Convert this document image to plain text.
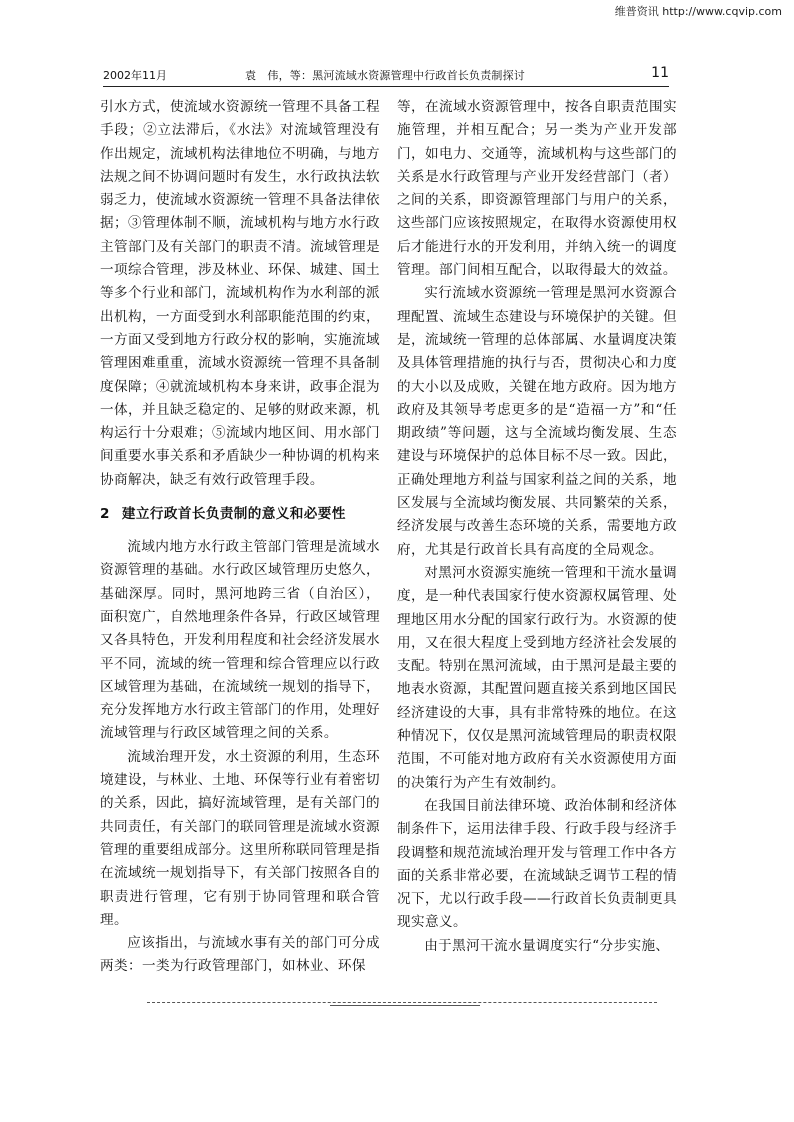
维普资讯 http://www.cqvip.com
2002年11月	袁　伟，等：黑河流域水资源管理中行政首长负责制探讨	11

引水方式，使流域水资源统一管理不具备工程手段；②立法滞后，《水法》对流域管理没有作出规定，流域机构法律地位不明确，与地方法规之间不协调问题时有发生，水行政执法软弱乏力，使流域水资源统一管理不具备法律依据；③管理体制不顺，流域机构与地方水行政主管部门及有关部门的职责不清。流域管理是一项综合管理，涉及林业、环保、城建、国土等多个行业和部门，流域机构作为水利部的派出机构，一方面受到水利部职能范围的约束，一方面又受到地方行政分权的影响，实施流域管理困难重重，流域水资源统一管理不具备制度保障；④就流域机构本身来讲，政事企混为一体，并且缺乏稳定的、足够的财政来源，机构运行十分艰难；⑤流域内地区间、用水部门间重要水事关系和矛盾缺少一种协调的机构来协商解决，缺乏有效行政管理手段。

2 建立行政首长负责制的意义和必要性

流域内地方水行政主管部门管理是流域水资源管理的基础。水行政区域管理历史悠久，基础深厚。同时，黑河地跨三省（自治区），面积宽广，自然地理条件各异，行政区域管理又各具特色，开发利用程度和社会经济发展水平不同，流域的统一管理和综合管理应以行政区域管理为基础，在流域统一规划的指导下，充分发挥地方水行政主管部门的作用，处理好流域管理与行政区域管理之间的关系。

流域治理开发，水土资源的利用，生态环境建设，与林业、土地、环保等行业有着密切的关系，因此，搞好流域管理，是有关部门的共同责任，有关部门的联同管理是流域水资源管理的重要组成部分。这里所称联同管理是指在流域统一规划指导下，有关部门按照各自的职责进行管理，它有别于协同管理和联合管理。

应该指出，与流域水事有关的部门可分成两类：一类为行政管理部门，如林业、环保

等，在流域水资源管理中，按各自职责范围实施管理，并相互配合；另一类为产业开发部门，如电力、交通等，流域机构与这些部门的关系是水行政管理与产业开发经营部门（者）之间的关系，即资源管理部门与用户的关系，这些部门应该按照规定，在取得水资源使用权后才能进行水的开发利用，并纳入统一的调度管理。部门间相互配合，以取得最大的效益。

实行流域水资源统一管理是黑河水资源合理配置、流域生态建设与环境保护的关键。但是，流域统一管理的总体部属、水量调度决策及具体管理措施的执行与否，贯彻决心和力度的大小以及成败，关键在地方政府。因为地方政府及其领导考虑更多的是“造福一方”和“任期政绩”等问题，这与全流域均衡发展、生态建设与环境保护的总体目标不尽一致。因此，正确处理地方利益与国家利益之间的关系，地区发展与全流域均衡发展、共同繁荣的关系，经济发展与改善生态环境的关系，需要地方政府，尤其是行政首长具有高度的全局观念。

对黑河水资源实施统一管理和干流水量调度，是一种代表国家行使水资源权属管理、处理地区用水分配的国家行政行为。水资源的使用，又在很大程度上受到地方经济社会发展的支配。特别在黑河流域，由于黑河是最主要的地表水资源，其配置问题直接关系到地区国民经济建设的大事，具有非常特殊的地位。在这种情况下，仅仅是黑河流域管理局的职责权限范围，不可能对地方政府有关水资源使用方面的决策行为产生有效制约。

在我国目前法律环境、政治体制和经济体制条件下，运用法律手段、行政手段与经济手段调整和规范流域治理开发与管理工作中各方面的关系非常必要，在流域缺乏调节工程的情况下，尤以行政手段——行政首长负责制更具现实意义。

由于黑河干流水量调度实行“分步实施、
